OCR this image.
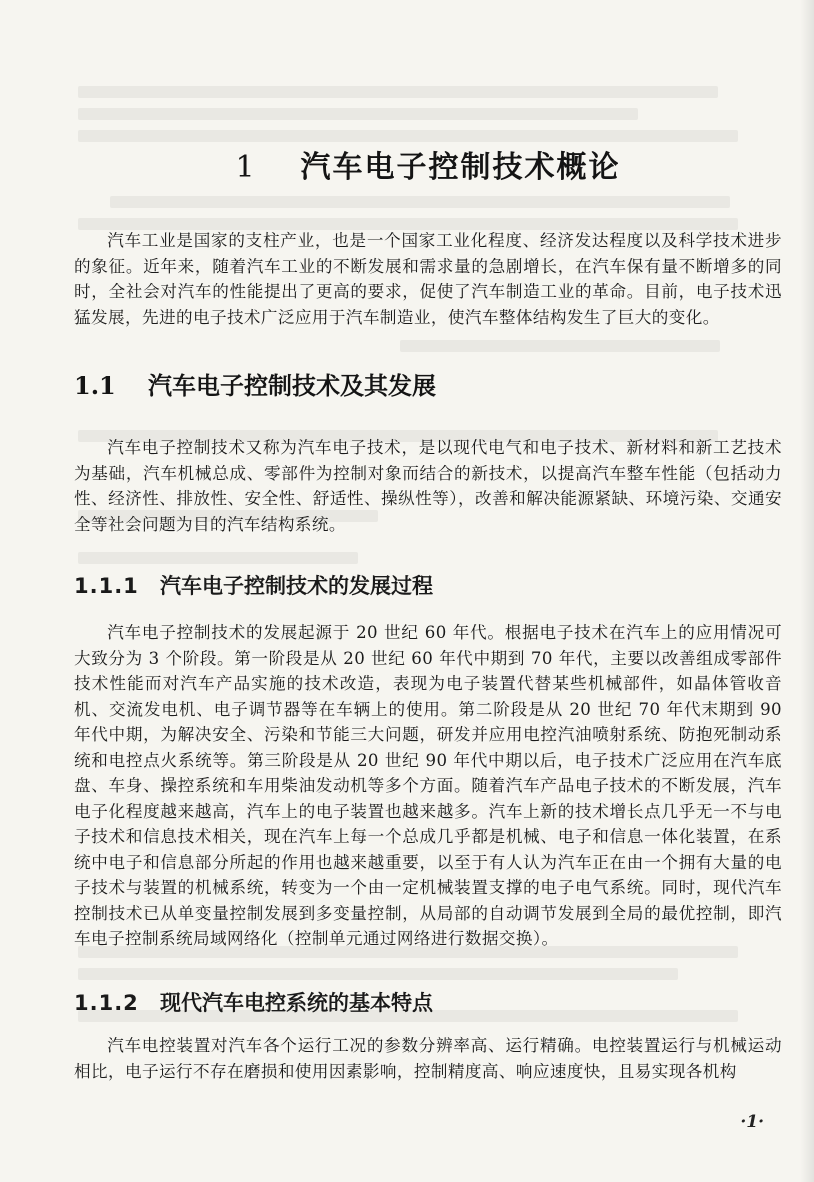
1 汽车电子控制技术概论

汽车工业是国家的支柱产业，也是一个国家工业化程度、经济发达程度以及科学技术进步的象征。近年来，随着汽车工业的不断发展和需求量的急剧增长，在汽车保有量不断增多的同时，全社会对汽车的性能提出了更高的要求，促使了汽车制造工业的革命。目前，电子技术迅猛发展，先进的电子技术广泛应用于汽车制造业，使汽车整体结构发生了巨大的变化。

1.1 汽车电子控制技术及其发展

汽车电子控制技术又称为汽车电子技术，是以现代电气和电子技术、新材料和新工艺技术为基础，汽车机械总成、零部件为控制对象而结合的新技术，以提高汽车整车性能（包括动力性、经济性、排放性、安全性、舒适性、操纵性等），改善和解决能源紧缺、环境污染、交通安全等社会问题为目的汽车结构系统。

1.1.1 汽车电子控制技术的发展过程

汽车电子控制技术的发展起源于 20 世纪 60 年代。根据电子技术在汽车上的应用情况可大致分为 3 个阶段。第一阶段是从 20 世纪 60 年代中期到 70 年代，主要以改善组成零部件技术性能而对汽车产品实施的技术改造，表现为电子装置代替某些机械部件，如晶体管收音机、交流发电机、电子调节器等在车辆上的使用。第二阶段是从 20 世纪 70 年代末期到 90 年代中期，为解决安全、污染和节能三大问题，研发并应用电控汽油喷射系统、防抱死制动系统和电控点火系统等。第三阶段是从 20 世纪 90 年代中期以后，电子技术广泛应用在汽车底盘、车身、操控系统和车用柴油发动机等多个方面。随着汽车产品电子技术的不断发展，汽车电子化程度越来越高，汽车上的电子装置也越来越多。汽车上新的技术增长点几乎无一不与电子技术和信息技术相关，现在汽车上每一个总成几乎都是机械、电子和信息一体化装置，在系统中电子和信息部分所起的作用也越来越重要，以至于有人认为汽车正在由一个拥有大量的电子技术与装置的机械系统，转变为一个由一定机械装置支撑的电子电气系统。同时，现代汽车控制技术已从单变量控制发展到多变量控制，从局部的自动调节发展到全局的最优控制，即汽车电子控制系统局域网络化（控制单元通过网络进行数据交换）。

1.1.2 现代汽车电控系统的基本特点

汽车电控装置对汽车各个运行工况的参数分辨率高、运行精确。电控装置运行与机械运动相比，电子运行不存在磨损和使用因素影响，控制精度高、响应速度快，且易实现各机构

·1·
